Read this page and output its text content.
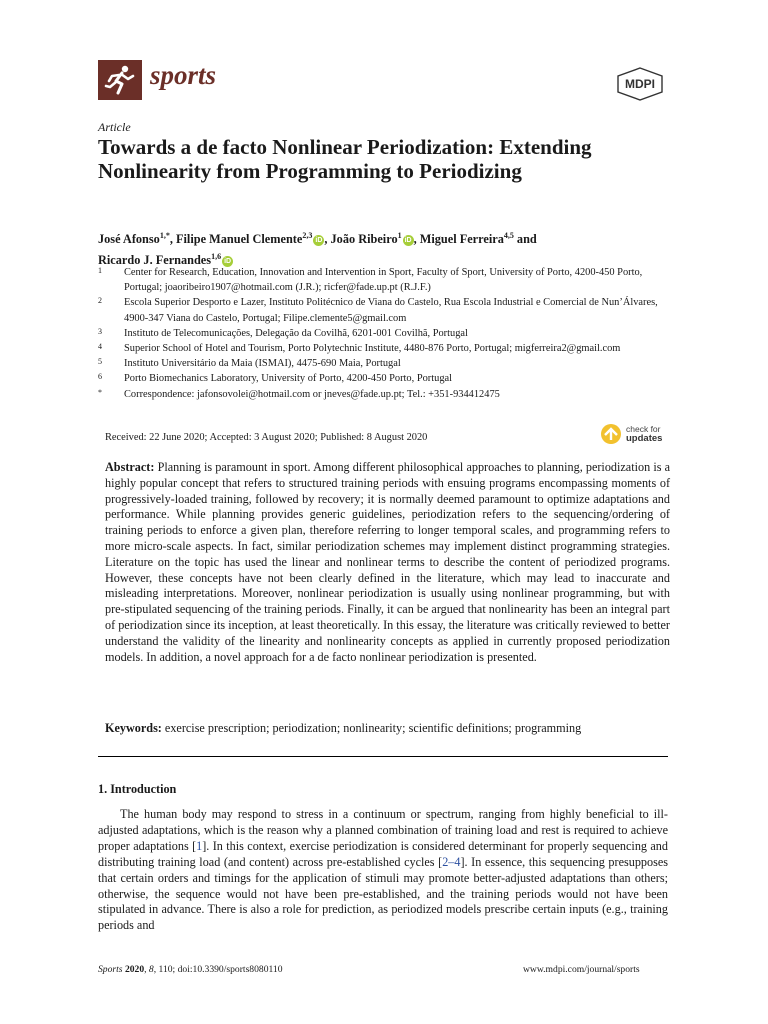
sports	MDPI
Article
Towards a de facto Nonlinear Periodization: Extending Nonlinearity from Programming to Periodizing
José Afonso$^{1,*}$, Filipe Manuel Clemente$^{2,3}$iD , João Ribeiro$^1$iD , Miguel Ferreira$^{4,5}$ and
Ricardo J. Fernandes$^{1,6}$iD
1	Center for Research, Education, Innovation and Intervention in Sport, Faculty of Sport, University of Porto, 4200-450 Porto, Portugal; joaoribeiro1907@hotmail.com (J.R.); ricfer@fade.up.pt (R.J.F.)
2	Escola Superior Desporto e Lazer, Instituto Politécnico de Viana do Castelo, Rua Escola Industrial e Comercial de Nun’Álvares, 4900-347 Viana do Castelo, Portugal; Filipe.clemente5@gmail.com
3	Instituto de Telecomunicações, Delegação da Covilhã, 6201-001 Covilhã, Portugal
4	Superior School of Hotel and Tourism, Porto Polytechnic Institute, 4480-876 Porto, Portugal; migferreira2@gmail.com
5	Instituto Universitário da Maia (ISMAI), 4475-690 Maia, Portugal
6	Porto Biomechanics Laboratory, University of Porto, 4200-450 Porto, Portugal
*	Correspondence: jafonsovolei@hotmail.com or jneves@fade.up.pt; Tel.: +351-934412475
Received: 22 June 2020; Accepted: 3 August 2020; Published: 8 August 2020
check for
updates
Abstract: Planning is paramount in sport. Among different philosophical approaches to planning, periodization is a highly popular concept that refers to structured training periods with ensuing programs encompassing moments of progressively-loaded training, followed by recovery; it is normally deemed paramount to optimize adaptations and performance. While planning provides generic guidelines, periodization refers to the sequencing/ordering of training periods to enforce a given plan, therefore referring to longer temporal scales, and programming refers to more micro-scale aspects. In fact, similar periodization schemes may implement distinct programming strategies. Literature on the topic has used the linear and nonlinear terms to describe the content of periodized programs. However, these concepts have not been clearly defined in the literature, which may lead to inaccurate and misleading interpretations. Moreover, nonlinear periodization is usually using nonlinear programming, but with pre-stipulated sequencing of the training periods. Finally, it can be argued that nonlinearity has been an integral part of periodization since its inception, at least theoretically. In this essay, the literature was critically reviewed to better understand the validity of the linearity and nonlinearity concepts as applied in currently proposed periodization models. In addition, a novel approach for a de facto nonlinear periodization is presented.
Keywords: exercise prescription; periodization; nonlinearity; scientific definitions; programming
1. Introduction
The human body may respond to stress in a continuum or spectrum, ranging from highly beneficial to ill-adjusted adaptations, which is the reason why a planned combination of training load and rest is required to achieve proper adaptations [1]. In this context, exercise periodization is considered determinant for properly sequencing and distributing training load (and content) across pre-established cycles [2–4]. In essence, this sequencing presupposes that certain orders and timings for the application of stimuli may promote better-adjusted adaptations than others; otherwise, the sequence would not have been pre-established, and the training periods would not have been stipulated in advance. There is also a role for prediction, as periodized models prescribe certain inputs (e.g., training periods and
Sports 2020, 8, 110; doi:10.3390/sports8080110	www.mdpi.com/journal/sports
